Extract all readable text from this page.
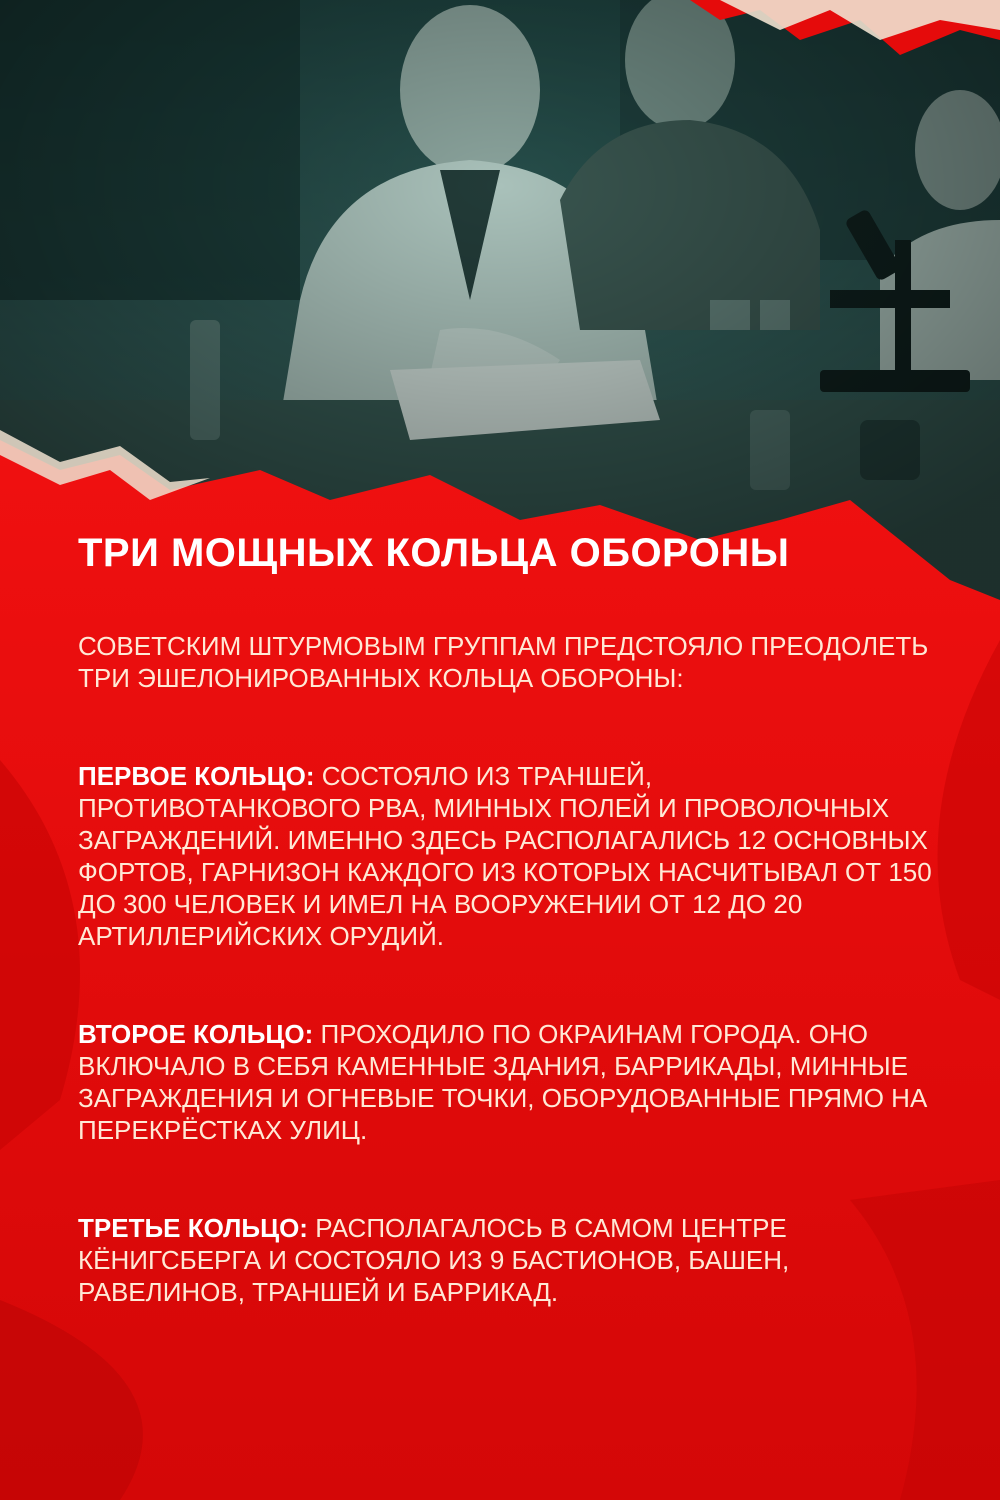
ТРИ МОЩНЫХ КОЛЬЦА ОБОРОНЫ

СОВЕТСКИМ ШТУРМОВЫМ ГРУППАМ ПРЕДСТОЯЛО ПРЕОДОЛЕТЬ ТРИ ЭШЕЛОНИРОВАННЫХ КОЛЬЦА ОБОРОНЫ:

ПЕРВОЕ КОЛЬЦО: СОСТОЯЛО ИЗ ТРАНШЕЙ, ПРОТИВОТАНКОВОГО РВА, МИННЫХ ПОЛЕЙ И ПРОВОЛОЧНЫХ ЗАГРАЖДЕНИЙ. ИМЕННО ЗДЕСЬ РАСПОЛАГАЛИСЬ 12 ОСНОВНЫХ ФОРТОВ, ГАРНИЗОН КАЖДОГО ИЗ КОТОРЫХ НАСЧИТЫВАЛ ОТ 150 ДО 300 ЧЕЛОВЕК И ИМЕЛ НА ВООРУЖЕНИИ ОТ 12 ДО 20 АРТИЛЛЕРИЙСКИХ ОРУДИЙ.

ВТОРОЕ КОЛЬЦО: ПРОХОДИЛО ПО ОКРАИНАМ ГОРОДА. ОНО ВКЛЮЧАЛО В СЕБЯ КАМЕННЫЕ ЗДАНИЯ, БАРРИКАДЫ, МИННЫЕ ЗАГРАЖДЕНИЯ И ОГНЕВЫЕ ТОЧКИ, ОБОРУДОВАННЫЕ ПРЯМО НА ПЕРЕКРЁСТКАХ УЛИЦ.

ТРЕТЬЕ КОЛЬЦО: РАСПОЛАГАЛОСЬ В САМОМ ЦЕНТРЕ КЁНИГСБЕРГА И СОСТОЯЛО ИЗ 9 БАСТИОНОВ, БАШЕН, РАВЕЛИНОВ, ТРАНШЕЙ И БАРРИКАД.
